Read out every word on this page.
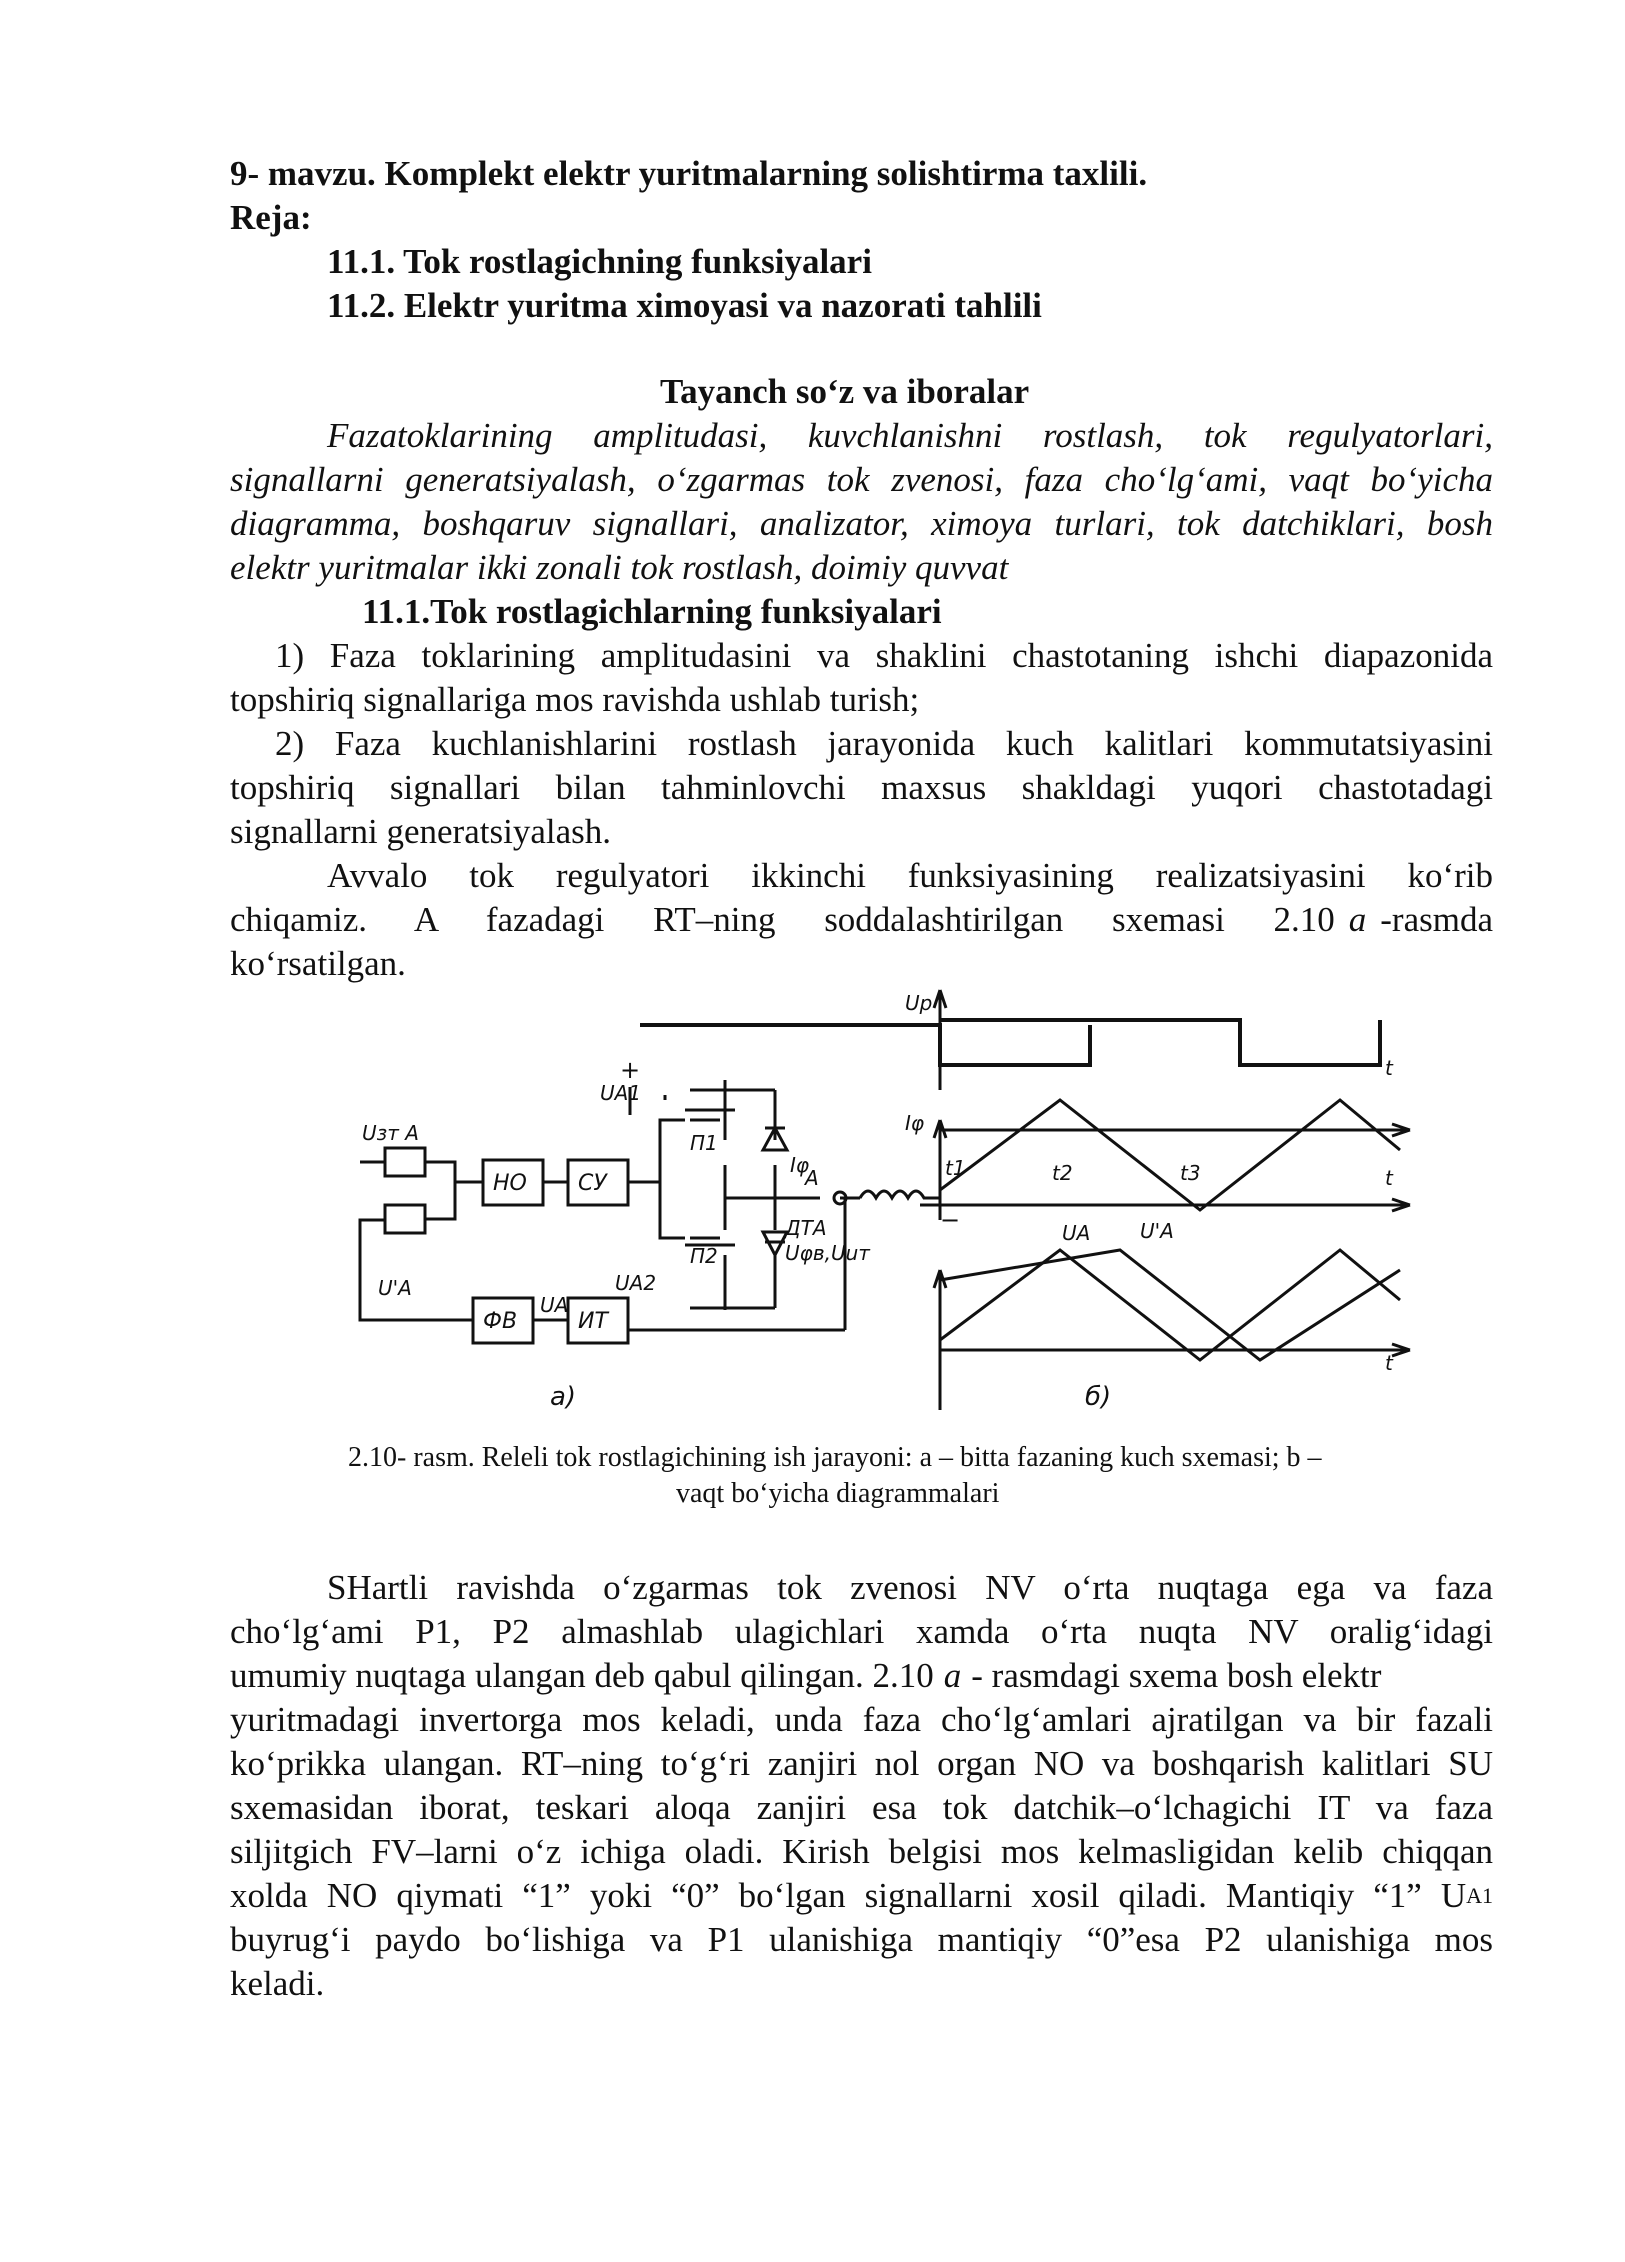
9- mavzu. Komplekt elektr yuritmalarning solishtirma taxlili.
Reja:
11.1. Tok rostlagichning funksiyalari
11.2. Elektr yuritma ximoyasi va nazorati tahlili
Tayanch so‘z va iboralar
Fazatoklarining amplitudasi, kuvchlanishni rostlash, tok regulyatorlari,
signallarni generatsiyalash, o‘zgarmas tok zvenosi, faza cho‘lg‘ami, vaqt bo‘yicha
diagramma, boshqaruv signallari, analizator, ximoya turlari, tok datchiklari, bosh
elektr yuritmalar ikki zonali tok rostlash, doimiy quvvat
11.1.Tok rostlagichlarning funksiyalari
1) Faza toklarining amplitudasini va shaklini chastotaning ishchi diapazonida
topshiriq signallariga mos ravishda ushlab turish;
2) Faza kuchlanishlarini rostlash jarayonida kuch kalitlari kommutatsiyasini
topshiriq signallari bilan tahminlovchi maxsus shakldagi yuqori chastotadagi
signallarni generatsiyalash.
Avvalo tok regulyatori ikkinchi funksiyasining realizatsiyasini ko‘rib
chiqamiz. A fazadagi RT–ning soddalashtirilgan sxemasi 2.10 a -rasmda
ko‘rsatilgan.
Uзт A
НО СУ
ФВ	ИТ
UA1
UA2
П1
П2
Iφ
A
ДТА
Uφв,Uuт
UA
U'A
+
−
а)	б)
Up
Iφ
t
t
t
t1	t2	t3
UA U'A
2.10- rasm. Releli tok rostlagichining ish jarayoni: a – bitta fazaning kuch sxemasi; b –
vaqt bo‘yicha diagrammalari
SHartli ravishda o‘zgarmas tok zvenosi NV o‘rta nuqtaga ega va faza
cho‘lg‘ami P1, P2 almashlab ulagichlari xamda o‘rta nuqta NV oralig‘idagi
umumiy nuqtaga ulangan deb qabul qilingan. 2.10 a - rasmdagi sxema bosh elektr
yuritmadagi invertorga mos keladi, unda faza cho‘lg‘amlari ajratilgan va bir fazali
ko‘prikka ulangan. RT–ning to‘g‘ri zanjiri nol organ NO va boshqarish kalitlari SU
sxemasidan iborat, teskari aloqa zanjiri esa tok datchik–o‘lchagichi IT va faza
siljitgich FV–larni o‘z ichiga oladi. Kirish belgisi mos kelmasligidan kelib chiqqan
xolda NO qiymati “1” yoki “0” bo‘lgan signallarni xosil qiladi. Mantiqiy “1” U A1
buyrug‘i paydo bo‘lishiga va P1 ulanishiga mantiqiy “0”esa P2 ulanishiga mos
keladi.
